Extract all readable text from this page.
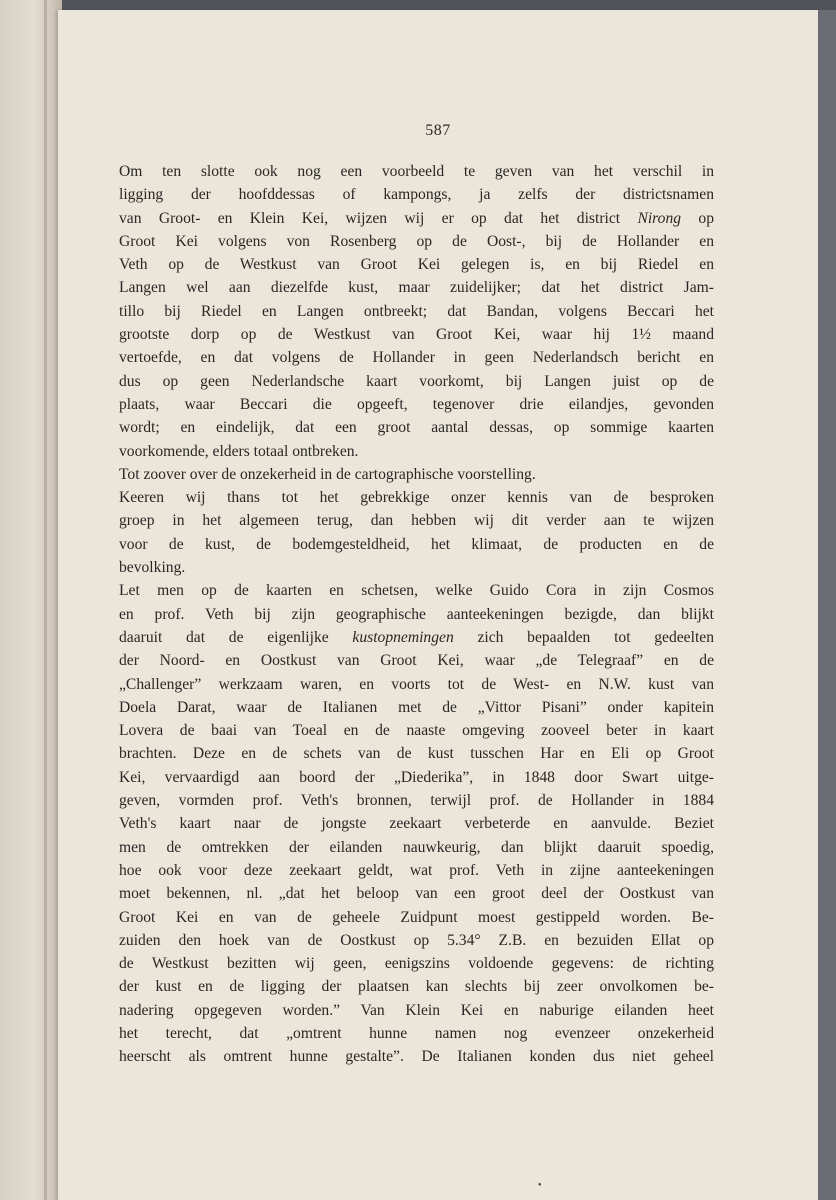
587
Om ten slotte ook nog een voorbeeld te geven van het verschil in
ligging der hoofddessas of kampongs, ja zelfs der districtsnamen
van Groot- en Klein Kei, wijzen wij er op dat het district Nirong op
Groot Kei volgens von Rosenberg op de Oost-, bij de Hollander en
Veth op de Westkust van Groot Kei gelegen is, en bij Riedel en
Langen wel aan diezelfde kust, maar zuidelijker; dat het district Jam-
tillo bij Riedel en Langen ontbreekt; dat Bandan, volgens Beccari het
grootste dorp op de Westkust van Groot Kei, waar hij 1½ maand
vertoefde, en dat volgens de Hollander in geen Nederlandsch bericht en
dus op geen Nederlandsche kaart voorkomt, bij Langen juist op de
plaats, waar Beccari die opgeeft, tegenover drie eilandjes, gevonden
wordt; en eindelijk, dat een groot aantal dessas, op sommige kaarten
voorkomende, elders totaal ontbreken.
Tot zoover over de onzekerheid in de cartographische voorstelling.
Keeren wij thans tot het gebrekkige onzer kennis van de besproken
groep in het algemeen terug, dan hebben wij dit verder aan te wijzen
voor de kust, de bodemgesteldheid, het klimaat, de producten en de
bevolking.
Let men op de kaarten en schetsen, welke Guido Cora in zijn Cosmos
en prof. Veth bij zijn geographische aanteekeningen bezigde, dan blijkt
daaruit dat de eigenlijke kustopnemingen zich bepaalden tot gedeelten
der Noord- en Oostkust van Groot Kei, waar „de Telegraaf” en de
„Challenger” werkzaam waren, en voorts tot de West- en N.W. kust van
Doela Darat, waar de Italianen met de „Vittor Pisani” onder kapitein
Lovera de baai van Toeal en de naaste omgeving zooveel beter in kaart
brachten. Deze en de schets van de kust tusschen Har en Eli op Groot
Kei, vervaardigd aan boord der „Diederika”, in 1848 door Swart uitge-
geven, vormden prof. Veth's bronnen, terwijl prof. de Hollander in 1884
Veth's kaart naar de jongste zeekaart verbeterde en aanvulde. Beziet
men de omtrekken der eilanden nauwkeurig, dan blijkt daaruit spoedig,
hoe ook voor deze zeekaart geldt, wat prof. Veth in zijne aanteekeningen
moet bekennen, nl. „dat het beloop van een groot deel der Oostkust van
Groot Kei en van de geheele Zuidpunt moest gestippeld worden. Be-
zuiden den hoek van de Oostkust op 5.34° Z.B. en bezuiden Ellat op
de Westkust bezitten wij geen, eenigszins voldoende gegevens: de richting
der kust en de ligging der plaatsen kan slechts bij zeer onvolkomen be-
nadering opgegeven worden.” Van Klein Kei en naburige eilanden heet
het terecht, dat „omtrent hunne namen nog evenzeer onzekerheid
heerscht als omtrent hunne gestalte”. De Italianen konden dus niet geheel
•
